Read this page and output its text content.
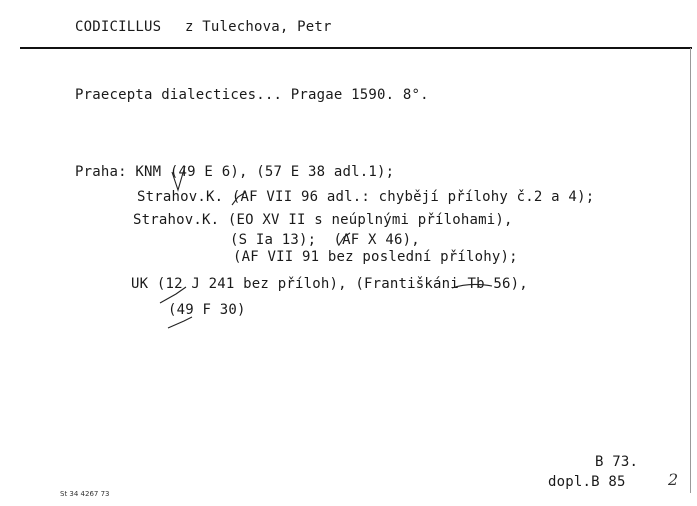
CODICILLUS z Tulechova, Petr
Praecepta dialectices... Pragae 1590. 8°.
Praha: KNM (49 E 6), (57 E 38 adl.1);
Strahov.K. (AF VII 96 adl.: chybějí přílohy č.2 a 4);
Strahov.K. (EO XV II s neúplnými přílohami),
(S Ia 13);  (AF X 46),
(AF VII 91 bez poslední přílohy);
UK (12 J 241 bez příloh), (Františkáni Tb 56),
(49 F 30)
B 73.
dopl.B 85
St 34 4267 73
2
